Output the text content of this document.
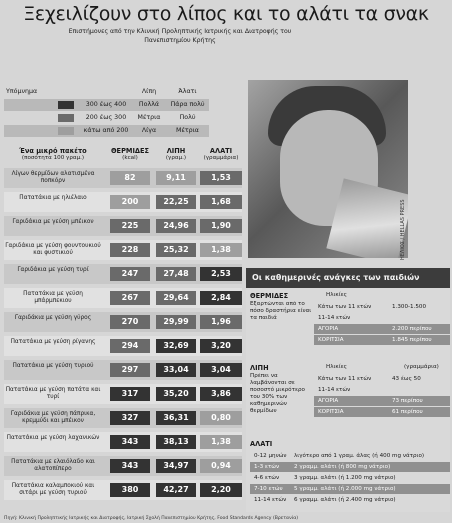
Ξεχειλίζουν στο λίπος και το αλάτι τα σνακ
Επιστήμονες από την Κλινική Προληπτικής Ιατρικής και Διατροφής του
Πανεπιστημίου Κρήτης
ΗΕΛΙΟΣ / HELLAS PRESS
Υπόμνημα	Λίπη	Άλατι
300 έως 400	Πολλά	Πάρα πολύ
200 έως 300	Μέτρια	Πολύ
κάτω από 200	Λίγα	Μέτρια
Ένα μικρό πακέτο
(ποσότητα 100 γραμ.)
ΘΕΡΜΙΔΕΣ
(kcal)
ΛΙΠΗ
(γραμ.)
ΑΛΑΤΙ
(γραμμάρια)
Λίγων θερμίδων αλατισμένα ποπκόρν	82	9,11	1,53
Πατατάκια με ηλιέλαιο	200	22,25	1,68
Γαριδάκια με γεύση μπέικον	225	24,96	1,90
Γαριδάκια με γεύση φουντουκιού και φυστικιού	228	25,32	1,38
Γαριδάκια με γεύση τυρί	247	27,48	2,53
Πατατάκια με γεύση μπάρμπεκιου	267	29,64	2,84
Γαριδάκια με γεύση γύρος	270	29,99	1,96
Πατατάκια με γεύση ρίγανης	294	32,69	3,20
Πατατάκια με γεύση τυριού	297	33,04	3,04
Πατατάκια με γεύση πατάτα και τυρί	317	35,20	3,86
Γαριδάκια με γεύση πάπρικα, κρεμμύδι και μπέικον	327	36,31	0,80
Πατατάκια με γεύση λαχανικών	343	38,13	1,38
Πατατάκια με ελαιόλαδο και αλατοπίπερο	343	34,97	0,94
Πατατάκια καλαμποκιού και σιτάρι με γεύση τυριού	380	42,27	2,20
Οι καθημερινές ανάγκες των παιδιών
ΘΕΡΜΙΔΕΣ
Εξαρτώνται από το πόσο δραστήρια είναι τα παιδιά
Ηλικίες
Κάτω των 11 ετών	1.300-1.500
11-14 ετών
ΑΓΟΡΙΑ	2.200 περίπου
ΚΟΡΙΤΣΙΑ	1.845 περίπου
ΛΙΠΗ
Πρέπει να λαμβάνονται σε ποσοστό μικρότερο του 30% των καθημερινών θερμίδων
Ηλικίες	(γραμμάρια)
Κάτω των 11 ετών	43 έως 50
11-14 ετών
ΑΓΟΡΙΑ	73 περίπου
ΚΟΡΙΤΣΙΑ	61 περίπου
ΑΛΑΤΙ
0-12 μηνών λιγότερο από 1 γραμ. άλας (ή 400 mg νάτριο)
1-3 ετών	2 γραμμ. αλάτι (ή 800 mg νάτριο)
4-6 ετών	3 γραμμ. αλάτι (ή 1.200 mg νάτριο)
7-10 ετών 5 γραμμ. αλάτι (ή 2.000 mg νάτριο)
11-14 ετών 6 γραμμ. αλάτι (ή 2.400 mg νάτριο)
Πηγή: Κλινική Προληπτικής Ιατρικής και Διατροφής, Ιατρική Σχολή Πανεπιστημίου Κρήτης, Food Standards Agency (Βρετανία)
